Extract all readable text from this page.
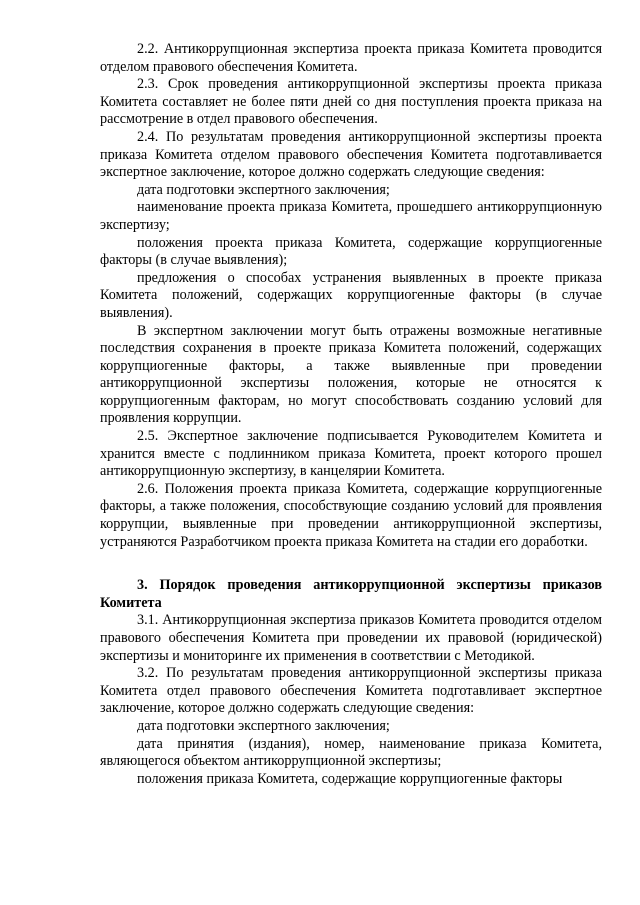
2.2. Антикоррупционная экспертиза проекта приказа Комитета проводится отделом правового обеспечения Комитета.

2.3. Срок проведения антикоррупционной экспертизы проекта приказа Комитета составляет не более пяти дней со дня поступления проекта приказа на рассмотрение в отдел правового обеспечения.

2.4. По результатам проведения антикоррупционной экспертизы проекта приказа Комитета отделом правового обеспечения Комитета подготавливается экспертное заключение, которое должно содержать следующие сведения:

дата подготовки экспертного заключения;

наименование проекта приказа Комитета, прошедшего антикоррупционную экспертизу;

положения проекта приказа Комитета, содержащие коррупциогенные факторы (в случае выявления);

предложения о способах устранения выявленных в проекте приказа Комитета положений, содержащих коррупциогенные факторы (в случае выявления).

В экспертном заключении могут быть отражены возможные негативные последствия сохранения в проекте приказа Комитета положений, содержащих коррупциогенные факторы, а также выявленные при проведении антикоррупционной экспертизы положения, которые не относятся к коррупциогенным факторам, но могут способствовать созданию условий для проявления коррупции.

2.5. Экспертное заключение подписывается Руководителем Комитета и хранится вместе с подлинником приказа Комитета, проект которого прошел антикоррупционную экспертизу, в канцелярии Комитета.

2.6. Положения проекта приказа Комитета, содержащие коррупциогенные факторы, а также положения, способствующие созданию условий для проявления коррупции, выявленные при проведении антикоррупционной экспертизы, устраняются Разработчиком проекта приказа Комитета на стадии его доработки.

3. Порядок проведения антикоррупционной экспертизы приказов Комитета

3.1. Антикоррупционная экспертиза приказов Комитета проводится отделом правового обеспечения Комитета при проведении их правовой (юридической) экспертизы и мониторинге их применения в соответствии с Методикой.

3.2. По результатам проведения антикоррупционной экспертизы приказа Комитета отдел правового обеспечения Комитета подготавливает экспертное заключение, которое должно содержать следующие сведения:

дата подготовки экспертного заключения;

дата принятия (издания), номер, наименование приказа Комитета, являющегося объектом антикоррупционной экспертизы;

положения приказа Комитета, содержащие коррупциогенные факторы
